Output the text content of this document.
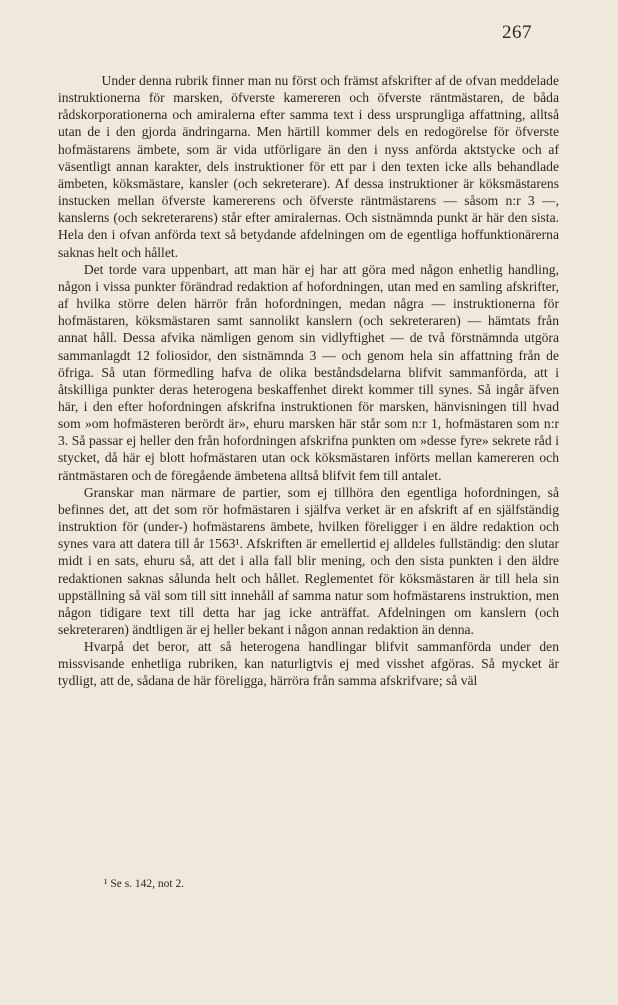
267

Under denna rubrik finner man nu först och främst afskrifter af de ofvan meddelade instruktionerna för marsken, öfverste kamereren och öfverste räntmästaren, de båda rådskorporationerna och amiralerna efter samma text i dess ursprungliga affattning, alltså utan de i den gjorda ändringarna. Men härtill kommer dels en redogörelse för öfverste hofmästarens ämbete, som är vida utförligare än den i nyss anförda aktstycke och af väsentligt annan karakter, dels instruktioner för ett par i den texten icke alls behandlade ämbeten, köksmästare, kansler (och sekreterare). Af dessa instruktioner är köksmästarens instucken mellan öfverste kamererens och öfverste räntmästarens — såsom n:r 3 —, kanslerns (och sekreterarens) står efter amiralernas. Och sistnämnda punkt är här den sista. Hela den i ofvan anförda text så betydande afdelningen om de egentliga hoffunktionärerna saknas helt och hållet.

Det torde vara uppenbart, att man här ej har att göra med någon enhetlig handling, någon i vissa punkter förändrad redaktion af hofordningen, utan med en samling afskrifter, af hvilka större delen härrör från hofordningen, medan några — instruktionerna för hofmästaren, köksmästaren samt sannolikt kanslern (och sekreteraren) — hämtats från annat håll. Dessa afvika nämligen genom sin vidlyftighet — de två förstnämnda utgöra sammanlagdt 12 foliosidor, den sistnämnda 3 — och genom hela sin affattning från de öfriga. Så utan förmedling hafva de olika beståndsdelarna blifvit sammanförda, att i åtskilliga punkter deras heterogena beskaffenhet direkt kommer till synes. Så ingår äfven här, i den efter hofordningen afskrifna instruktionen för marsken, hänvisningen till hvad som »om hofmästeren berördt är», ehuru marsken här står som n:r 1, hofmästaren som n:r 3. Så passar ej heller den från hofordningen afskrifna punkten om »desse fyre» sekrete råd i stycket, då här ej blott hofmästaren utan ock köksmästaren införts mellan kamereren och räntmästaren och de föregående ämbetena alltså blifvit fem till antalet.

Granskar man närmare de partier, som ej tillhöra den egentliga hofordningen, så befinnes det, att det som rör hofmästaren i själfva verket är en afskrift af en själfständig instruktion för (under-) hofmästarens ämbete, hvilken föreligger i en äldre redaktion och synes vara att datera till år 1563¹. Afskriften är emellertid ej alldeles fullständig: den slutar midt i en sats, ehuru så, att det i alla fall blir mening, och den sista punkten i den äldre redaktionen saknas sålunda helt och hållet. Reglementet för köksmästaren är till hela sin uppställning så väl som till sitt innehåll af samma natur som hofmästarens instruktion, men någon tidigare text till detta har jag icke anträffat. Afdelningen om kanslern (och sekreteraren) ändtligen är ej heller bekant i någon annan redaktion än denna.

Hvarpå det beror, att så heterogena handlingar blifvit sammanförda under den missvisande enhetliga rubriken, kan naturligtvis ej med visshet afgöras. Så mycket är tydligt, att de, sådana de här föreligga, härröra från samma afskrifvare; så väl

¹ Se s. 142, not 2.
